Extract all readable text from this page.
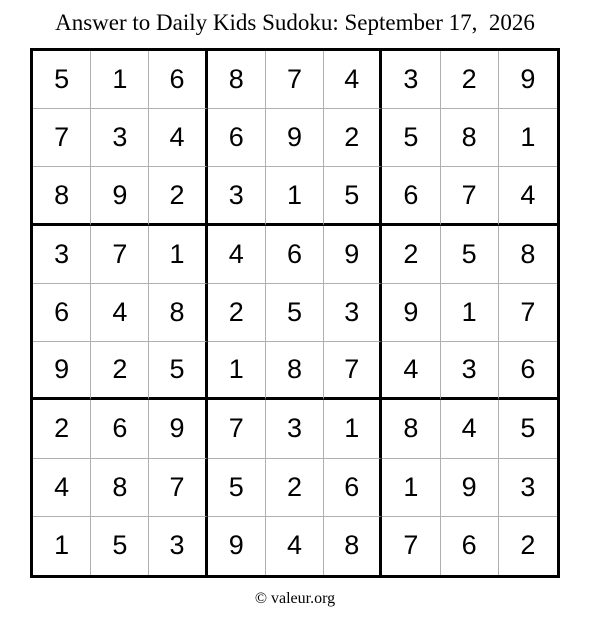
Answer to Daily Kids Sudoku: September 17,  2026
5	1	6	8	7	4	3	2	9
7	3	4	6	9	2	5	8	1
8	9	2	3	1	5	6	7	4
3	7	1	4	6	9	2	5	8
6	4	8	2	5	3	9	1	7
9	2	5	1	8	7	4	3	6
2	6	9	7	3	1	8	4	5
4	8	7	5	2	6	1	9	3
1	5	3	9	4	8	7	6	2
© valeur.org
